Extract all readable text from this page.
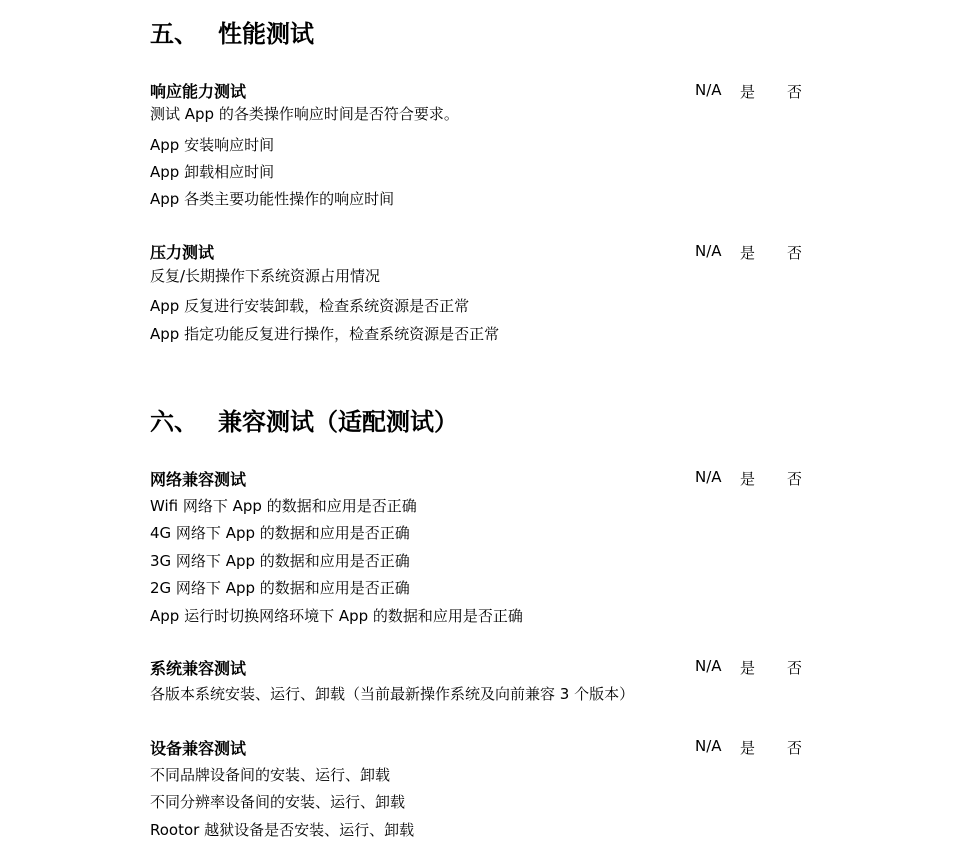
五、 性能测试
响应能力测试	N/A 是 否
测试 App 的各类操作响应时间是否符合要求。
App 安装响应时间
App 卸载相应时间
App 各类主要功能性操作的响应时间
压力测试	N/A 是 否
反复/长期操作下系统资源占用情况
App 反复进行安装卸载，检查系统资源是否正常
App 指定功能反复进行操作，检查系统资源是否正常
六、 兼容测试（适配测试）
网络兼容测试	N/A 是 否
Wifi 网络下 App 的数据和应用是否正确
4G 网络下 App 的数据和应用是否正确
3G 网络下 App 的数据和应用是否正确
2G 网络下 App 的数据和应用是否正确
App 运行时切换网络环境下 App 的数据和应用是否正确
系统兼容测试	N/A 是 否
各版本系统安装、运行、卸载（当前最新操作系统及向前兼容 3 个版本）
设备兼容测试	N/A 是 否
不同品牌设备间的安装、运行、卸载
不同分辨率设备间的安装、运行、卸载
Rootor 越狱设备是否安装、运行、卸载
